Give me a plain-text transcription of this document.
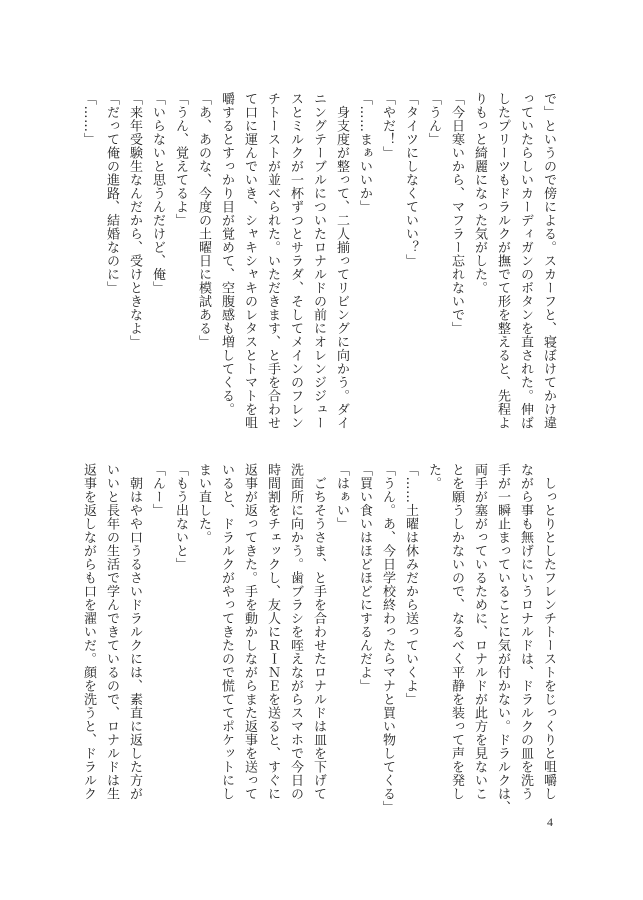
で」というので傍による。スカーフと、寝ぼけてかけ違

っていたらしいカーディガンのボタンを直された。伸ば

したプリーツもドラルクが撫でて形を整えると、先程よ

りもっと綺麗になった気がした。

「今日寒いから、マフラー忘れないで」

「うん」

「タイツにしなくていい？」

「やだ！」

「……まぁいいか」

　身支度が整って、二人揃ってリビングに向かう。ダイ

ニングテーブルについたロナルドの前にオレンジジュー

スとミルクが一杯ずつとサラダ、そしてメインのフレン

チトーストが並べられた。いただきます、と手を合わせ

て口に運んでいき、シャキシャキのレタスとトマトを咀

嚼するとすっかり目が覚めて、空腹感も増してくる。

「あ、あのな、今度の土曜日に模試ある」

「うん、覚えてるよ」

「いらないと思うんだけど、俺」

「来年受験生なんだから、受けときなよ」

「だって俺の進路、結婚なのに」

「……」

　しっとりとしたフレンチトーストをじっくりと咀嚼し

ながら事も無げにいうロナルドは、ドラルクの皿を洗う

手が一瞬止まっていることに気が付かない。ドラルクは、

両手が塞がっているために、ロナルドが此方を見ないこ

とを願うしかないので、なるべく平静を装って声を発し

た。

「……土曜は休みだから送っていくよ」

「うん。あ、今日学校終わったらマナと買い物してくる」

「買い食いはほどほどにするんだよ」

「はぁい」

　ごちそうさま、と手を合わせたロナルドは皿を下げて

洗面所に向かう。歯ブラシを咥えながらスマホで今日の

時間割をチェックし、友人にＲＩＮＥを送ると、すぐに

返事が返ってきた。手を動かしながらまた返事を送って

いると、ドラルクがやってきたので慌ててポケットにし

まい直した。

「もう出ないと」

「んー」

　朝はやや口うるさいドラルクには、素直に返した方が

いいと長年の生活で学んできているので、ロナルドは生

返事を返しながらも口を濯いだ。顔を洗うと、ドラルク

4
